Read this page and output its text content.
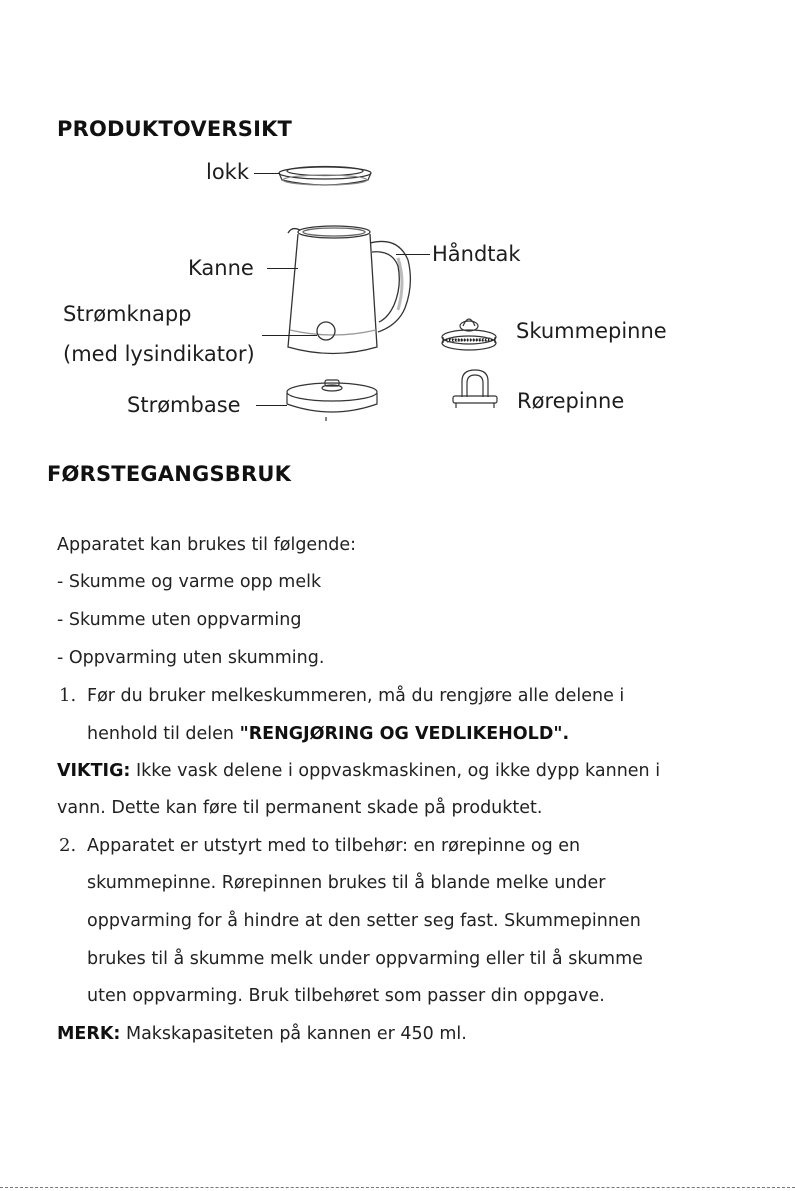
PRODUKTOVERSIKT
lokk
Kanne
Håndtak
Strømknapp
(med lysindikator)
Strømbase
Skummepinne
Rørepinne
FØRSTEGANGSBRUK
Apparatet kan brukes til følgende:
- Skumme og varme opp melk
- Skumme uten oppvarming
- Oppvarming uten skumming.
1. Før du bruker melkeskummeren, må du rengjøre alle delene i
henhold til delen "RENGJØRING OG VEDLIKEHOLD".
VIKTIG: Ikke vask delene i oppvaskmaskinen, og ikke dypp kannen i
vann. Dette kan føre til permanent skade på produktet.
2. Apparatet er utstyrt med to tilbehør: en rørepinne og en
skummepinne. Rørepinnen brukes til å blande melke under
oppvarming for å hindre at den setter seg fast. Skummepinnen
brukes til å skumme melk under oppvarming eller til å skumme
uten oppvarming. Bruk tilbehøret som passer din oppgave.
MERK: Makskapasiteten på kannen er 450 ml.
